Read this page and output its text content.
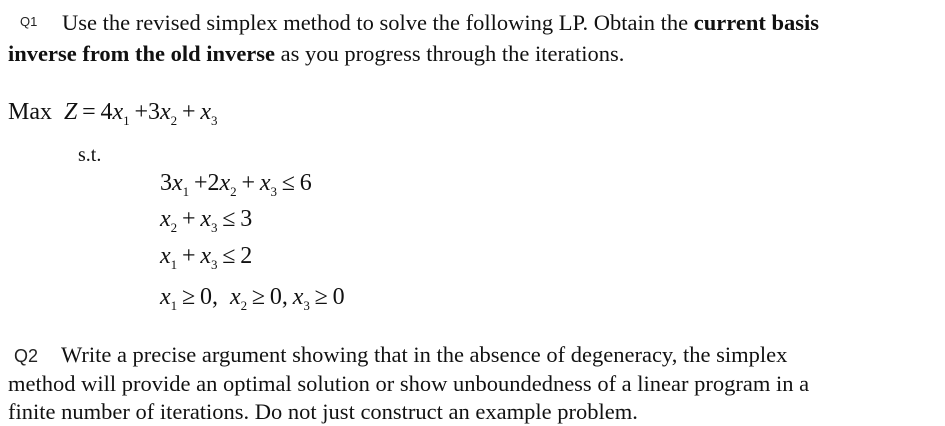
Q1 Use the revised simplex method to solve the following LP. Obtain the current basis
inverse from the old inverse as you progress through the iterations.
Max $Z = 4x_1 +3x_2 + x_3$
s.t.
$3x_1 +2x_2 + x_3 \le 6$
$x_2 + x_3 \le 3$
$x_1 + x_3 \le 2$
$x_1 \ge 0$,  $x_2 \ge 0$, $x_3 \ge 0$
Q2 Write a precise argument showing that in the absence of degeneracy, the simplex
method will provide an optimal solution or show unboundedness of a linear program in a
finite number of iterations. Do not just construct an example problem.
